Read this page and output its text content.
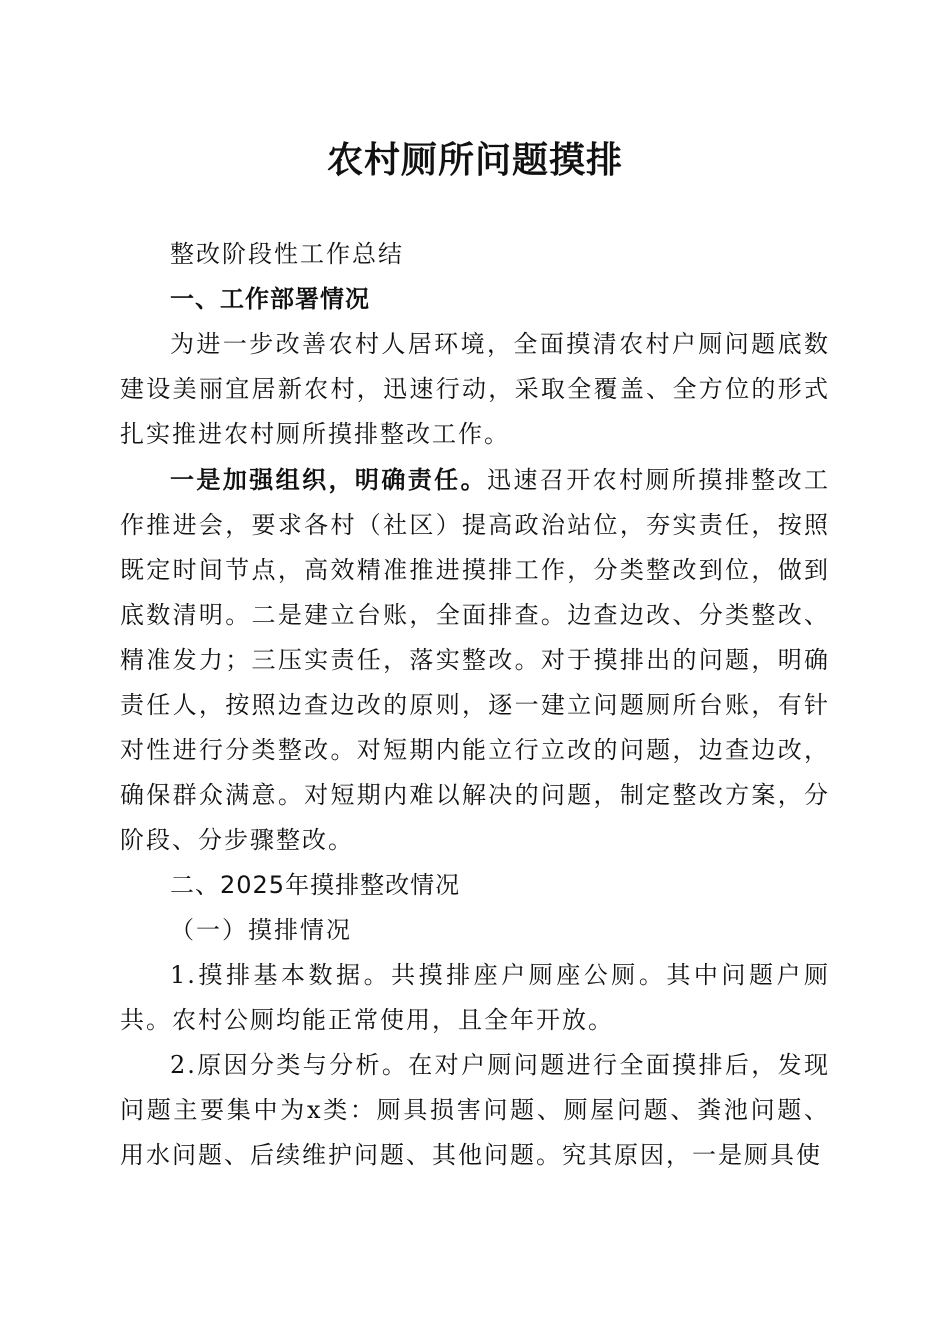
农村厕所问题摸排

整改阶段性工作总结

一、工作部署情况

为进一步改善农村人居环境，全面摸清农村户厕问题底数建设美丽宜居新农村，迅速行动，采取全覆盖、全方位的形式扎实推进农村厕所摸排整改工作。

一是加强组织，明确责任。迅速召开农村厕所摸排整改工作推进会，要求各村（社区）提高政治站位，夯实责任，按照既定时间节点，高效精准推进摸排工作，分类整改到位，做到底数清明。二是建立台账，全面排查。边查边改、分类整改、精准发力；三压实责任，落实整改。对于摸排出的问题，明确责任人，按照边查边改的原则，逐一建立问题厕所台账，有针对性进行分类整改。对短期内能立行立改的问题，边查边改，确保群众满意。对短期内难以解决的问题，制定整改方案，分阶段、分步骤整改。

二、2025年摸排整改情况

（一）摸排情况

1.摸排基本数据。共摸排座户厕座公厕。其中问题户厕共。农村公厕均能正常使用，且全年开放。

2.原因分类与分析。在对户厕问题进行全面摸排后，发现问题主要集中为x类：厕具损害问题、厕屋问题、粪池问题、用水问题、后续维护问题、其他问题。究其原因，一是厕具使
